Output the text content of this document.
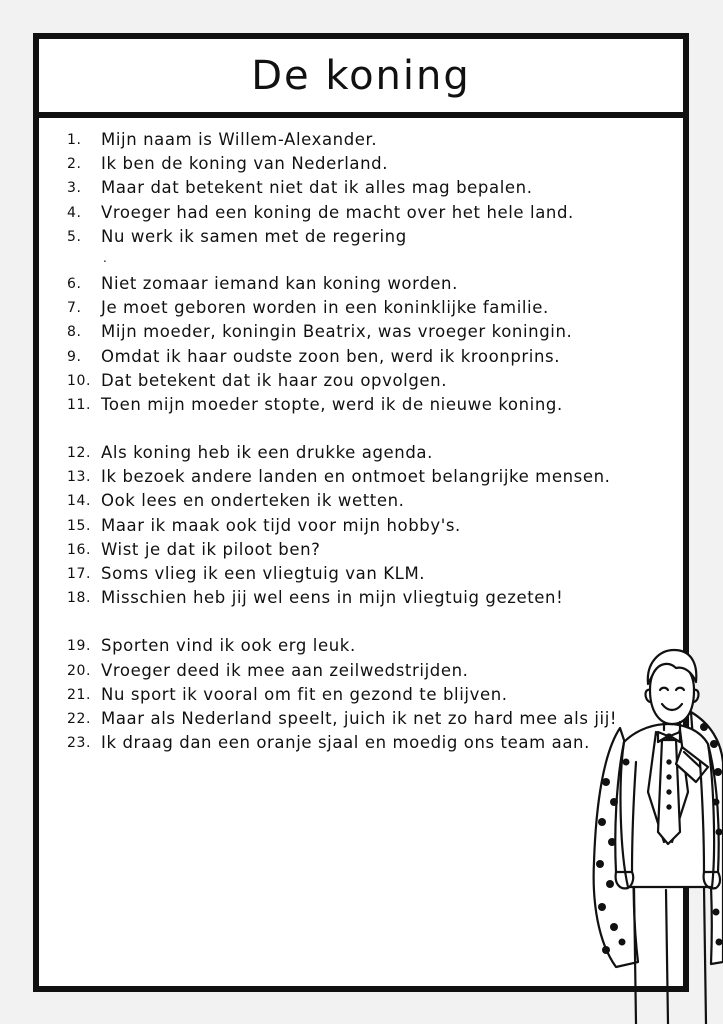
De koning
1.	Mijn naam is Willem-Alexander.
2.	Ik ben de koning van Nederland.
3.	Maar dat betekent niet dat ik alles mag bepalen.
4.	Vroeger had een koning de macht over het hele land.
5.	Nu werk ik samen met de regering
.
6.	Niet zomaar iemand kan koning worden.
7.	Je moet geboren worden in een koninklijke familie.
8.	Mijn moeder, koningin Beatrix, was vroeger koningin.
9.	Omdat ik haar oudste zoon ben, werd ik kroonprins.
10. Dat betekent dat ik haar zou opvolgen.
11. Toen mijn moeder stopte, werd ik de nieuwe koning.
12. Als koning heb ik een drukke agenda.
13. Ik bezoek andere landen en ontmoet belangrijke mensen.
14. Ook lees en onderteken ik wetten.
15. Maar ik maak ook tijd voor mijn hobby's.
16. Wist je dat ik piloot ben?
17. Soms vlieg ik een vliegtuig van KLM.
18. Misschien heb jij wel eens in mijn vliegtuig gezeten!
19. Sporten vind ik ook erg leuk.
20. Vroeger deed ik mee aan zeilwedstrijden.
21. Nu sport ik vooral om fit en gezond te blijven.
22. Maar als Nederland speelt, juich ik net zo hard mee als jij!
23. Ik draag dan een oranje sjaal en moedig ons team aan.
